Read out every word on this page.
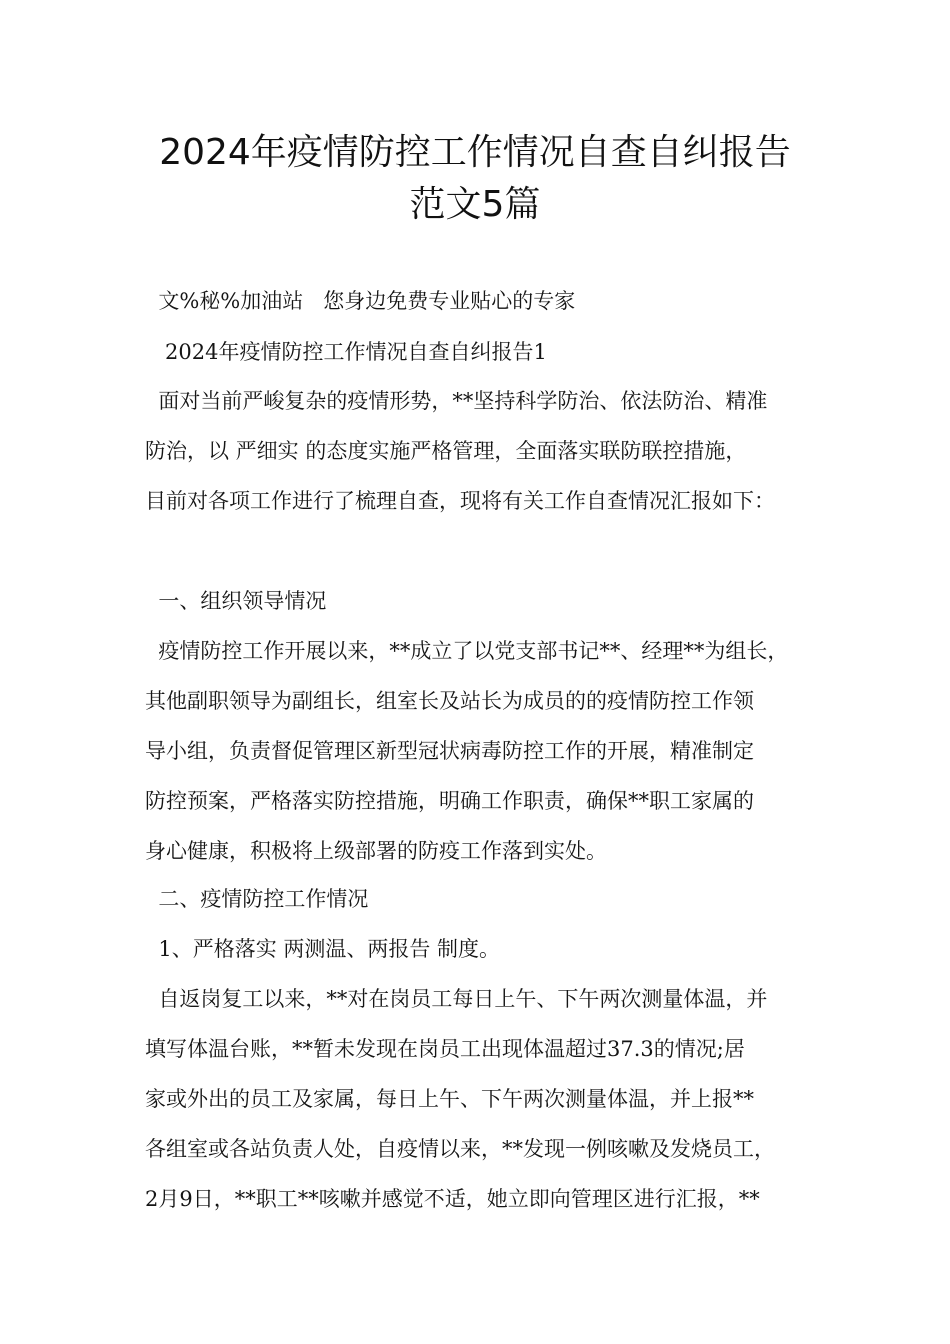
2024年疫情防控工作情况自查自纠报告
范文5篇
文%秘%加油站   您身边免费专业贴心的专家
2024年疫情防控工作情况自查自纠报告1
面对当前严峻复杂的疫情形势，**坚持科学防治、依法防治、精准
防治，以 严细实 的态度实施严格管理，全面落实联防联控措施，
目前对各项工作进行了梳理自查，现将有关工作自查情况汇报如下：
一、组织领导情况
疫情防控工作开展以来，**成立了以党支部书记**、经理**为组长，
其他副职领导为副组长，组室长及站长为成员的的疫情防控工作领
导小组，负责督促管理区新型冠状病毒防控工作的开展，精准制定
防控预案，严格落实防控措施，明确工作职责，确保**职工家属的
身心健康，积极将上级部署的防疫工作落到实处。
二、疫情防控工作情况
1、严格落实 两测温、两报告 制度。
自返岗复工以来，**对在岗员工每日上午、下午两次测量体温，并
填写体温台账，**暂未发现在岗员工出现体温超过37.3的情况;居
家或外出的员工及家属，每日上午、下午两次测量体温，并上报**
各组室或各站负责人处，自疫情以来，**发现一例咳嗽及发烧员工，
2月9日，**职工**咳嗽并感觉不适，她立即向管理区进行汇报，**
